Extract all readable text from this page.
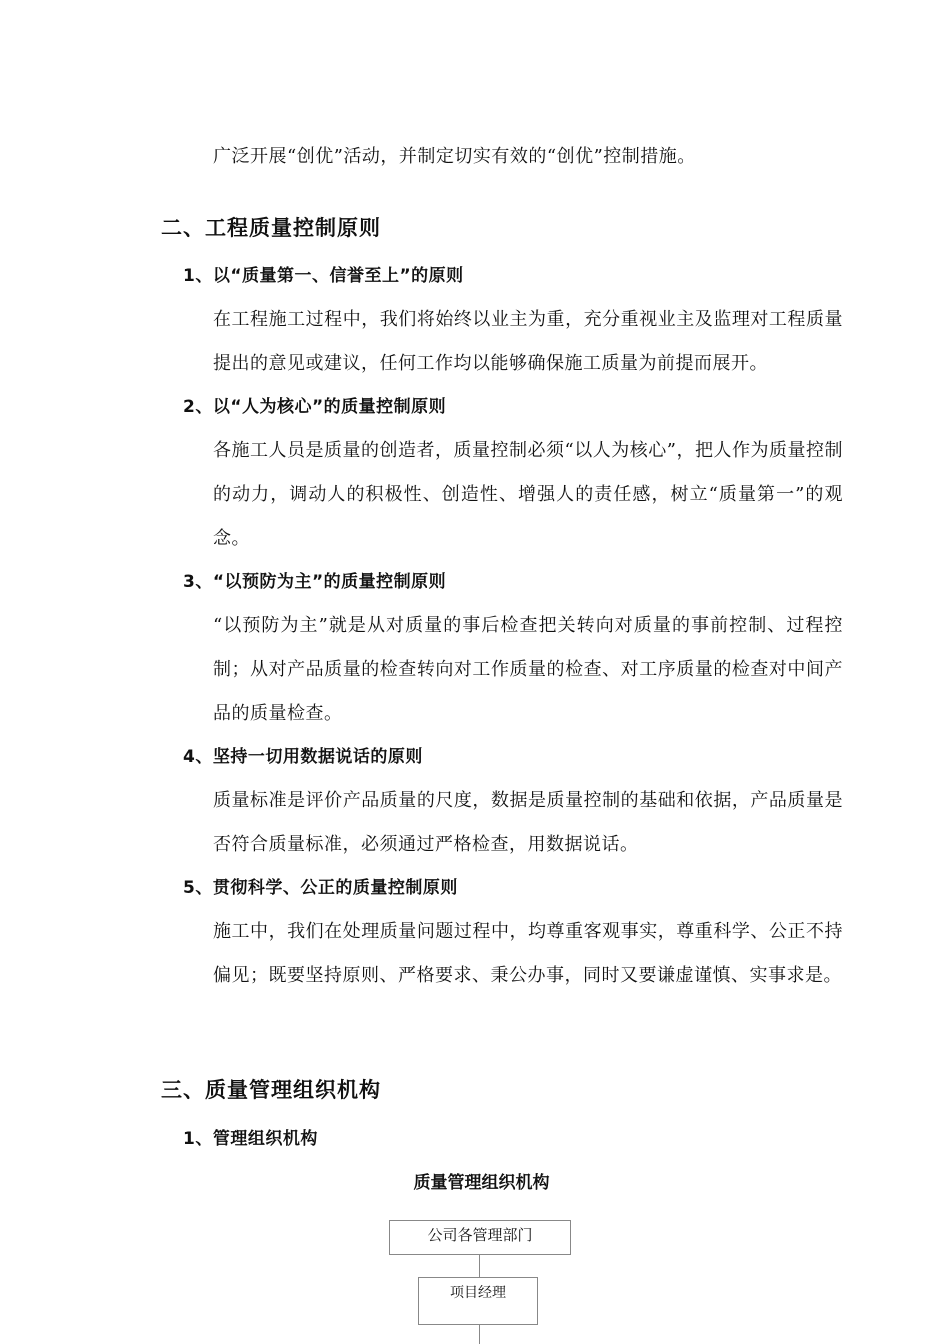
广泛开展“创优”活动，并制定切实有效的“创优”控制措施。
二、工程质量控制原则
1、以“质量第一、信誉至上”的原则
在工程施工过程中，我们将始终以业主为重，充分重视业主及监理对工程质量提出的意见或建议，任何工作均以能够确保施工质量为前提而展开。
2、以“人为核心”的质量控制原则
各施工人员是质量的创造者，质量控制必须“以人为核心”，把人作为质量控制的动力，调动人的积极性、创造性、增强人的责任感，树立“质量第一”的观念。
3、“以预防为主”的质量控制原则
“以预防为主”就是从对质量的事后检查把关转向对质量的事前控制、过程控制；从对产品质量的检查转向对工作质量的检查、对工序质量的检查对中间产品的质量检查。
4、坚持一切用数据说话的原则
质量标准是评价产品质量的尺度，数据是质量控制的基础和依据，产品质量是否符合质量标准，必须通过严格检查，用数据说话。
5、贯彻科学、公正的质量控制原则
施工中，我们在处理质量问题过程中，均尊重客观事实，尊重科学、公正不持偏见；既要坚持原则、严格要求、秉公办事，同时又要谦虚谨慎、实事求是。
三、质量管理组织机构
1、管理组织机构
质量管理组织机构
公司各管理部门
项目经理
